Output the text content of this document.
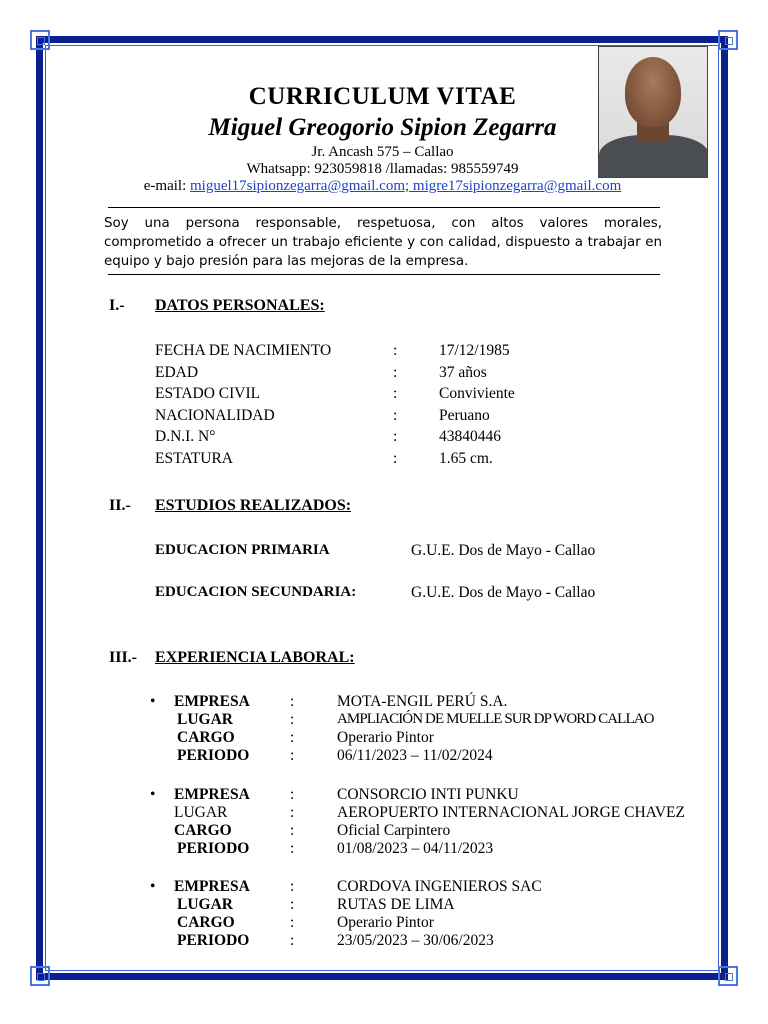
CURRICULUM VITAE

Miguel Greogorio Sipion Zegarra

Jr. Ancash 575 – Callao

Whatsapp: 923059818 /llamadas: 985559749

e-mail: miguel17sipionzegarra@gmail.com; migre17sipionzegarra@gmail.com

Soy una persona responsable, respetuosa, con altos valores morales, comprometido a ofrecer un trabajo eficiente y con calidad, dispuesto a trabajar en equipo y bajo presión para las mejoras de la empresa.
I.- DATOS PERSONALES:
FECHA DE NACIMIENTO	:	17/12/1985
EDAD	:	37 años
ESTADO CIVIL	:	Conviviente
NACIONALIDAD	:	Peruano
D.N.I. N°	:	43840446
ESTATURA	:	1.65 cm.
II.- ESTUDIOS REALIZADOS:
EDUCACION PRIMARIA	G.U.E. Dos de Mayo - Callao
EDUCACION SECUNDARIA:	G.U.E. Dos de Mayo - Callao
III.- EXPERIENCIA LABORAL:
• EMPRESA	:	MOTA-ENGIL PERÚ S.A.
LUGAR	:	AMPLIACIÓN DE MUELLE SUR DP WORD CALLAO
CARGO	:	Operario Pintor
PERIODO	:	06/11/2023 – 11/02/2024
• EMPRESA	:	CONSORCIO INTI PUNKU
LUGAR	:	AEROPUERTO INTERNACIONAL JORGE CHAVEZ
CARGO	:	Oficial Carpintero
PERIODO	:	01/08/2023 – 04/11/2023
• EMPRESA	:	CORDOVA INGENIEROS SAC
LUGAR	:	RUTAS DE LIMA
CARGO	:	Operario Pintor
PERIODO	:	23/05/2023 – 30/06/2023
